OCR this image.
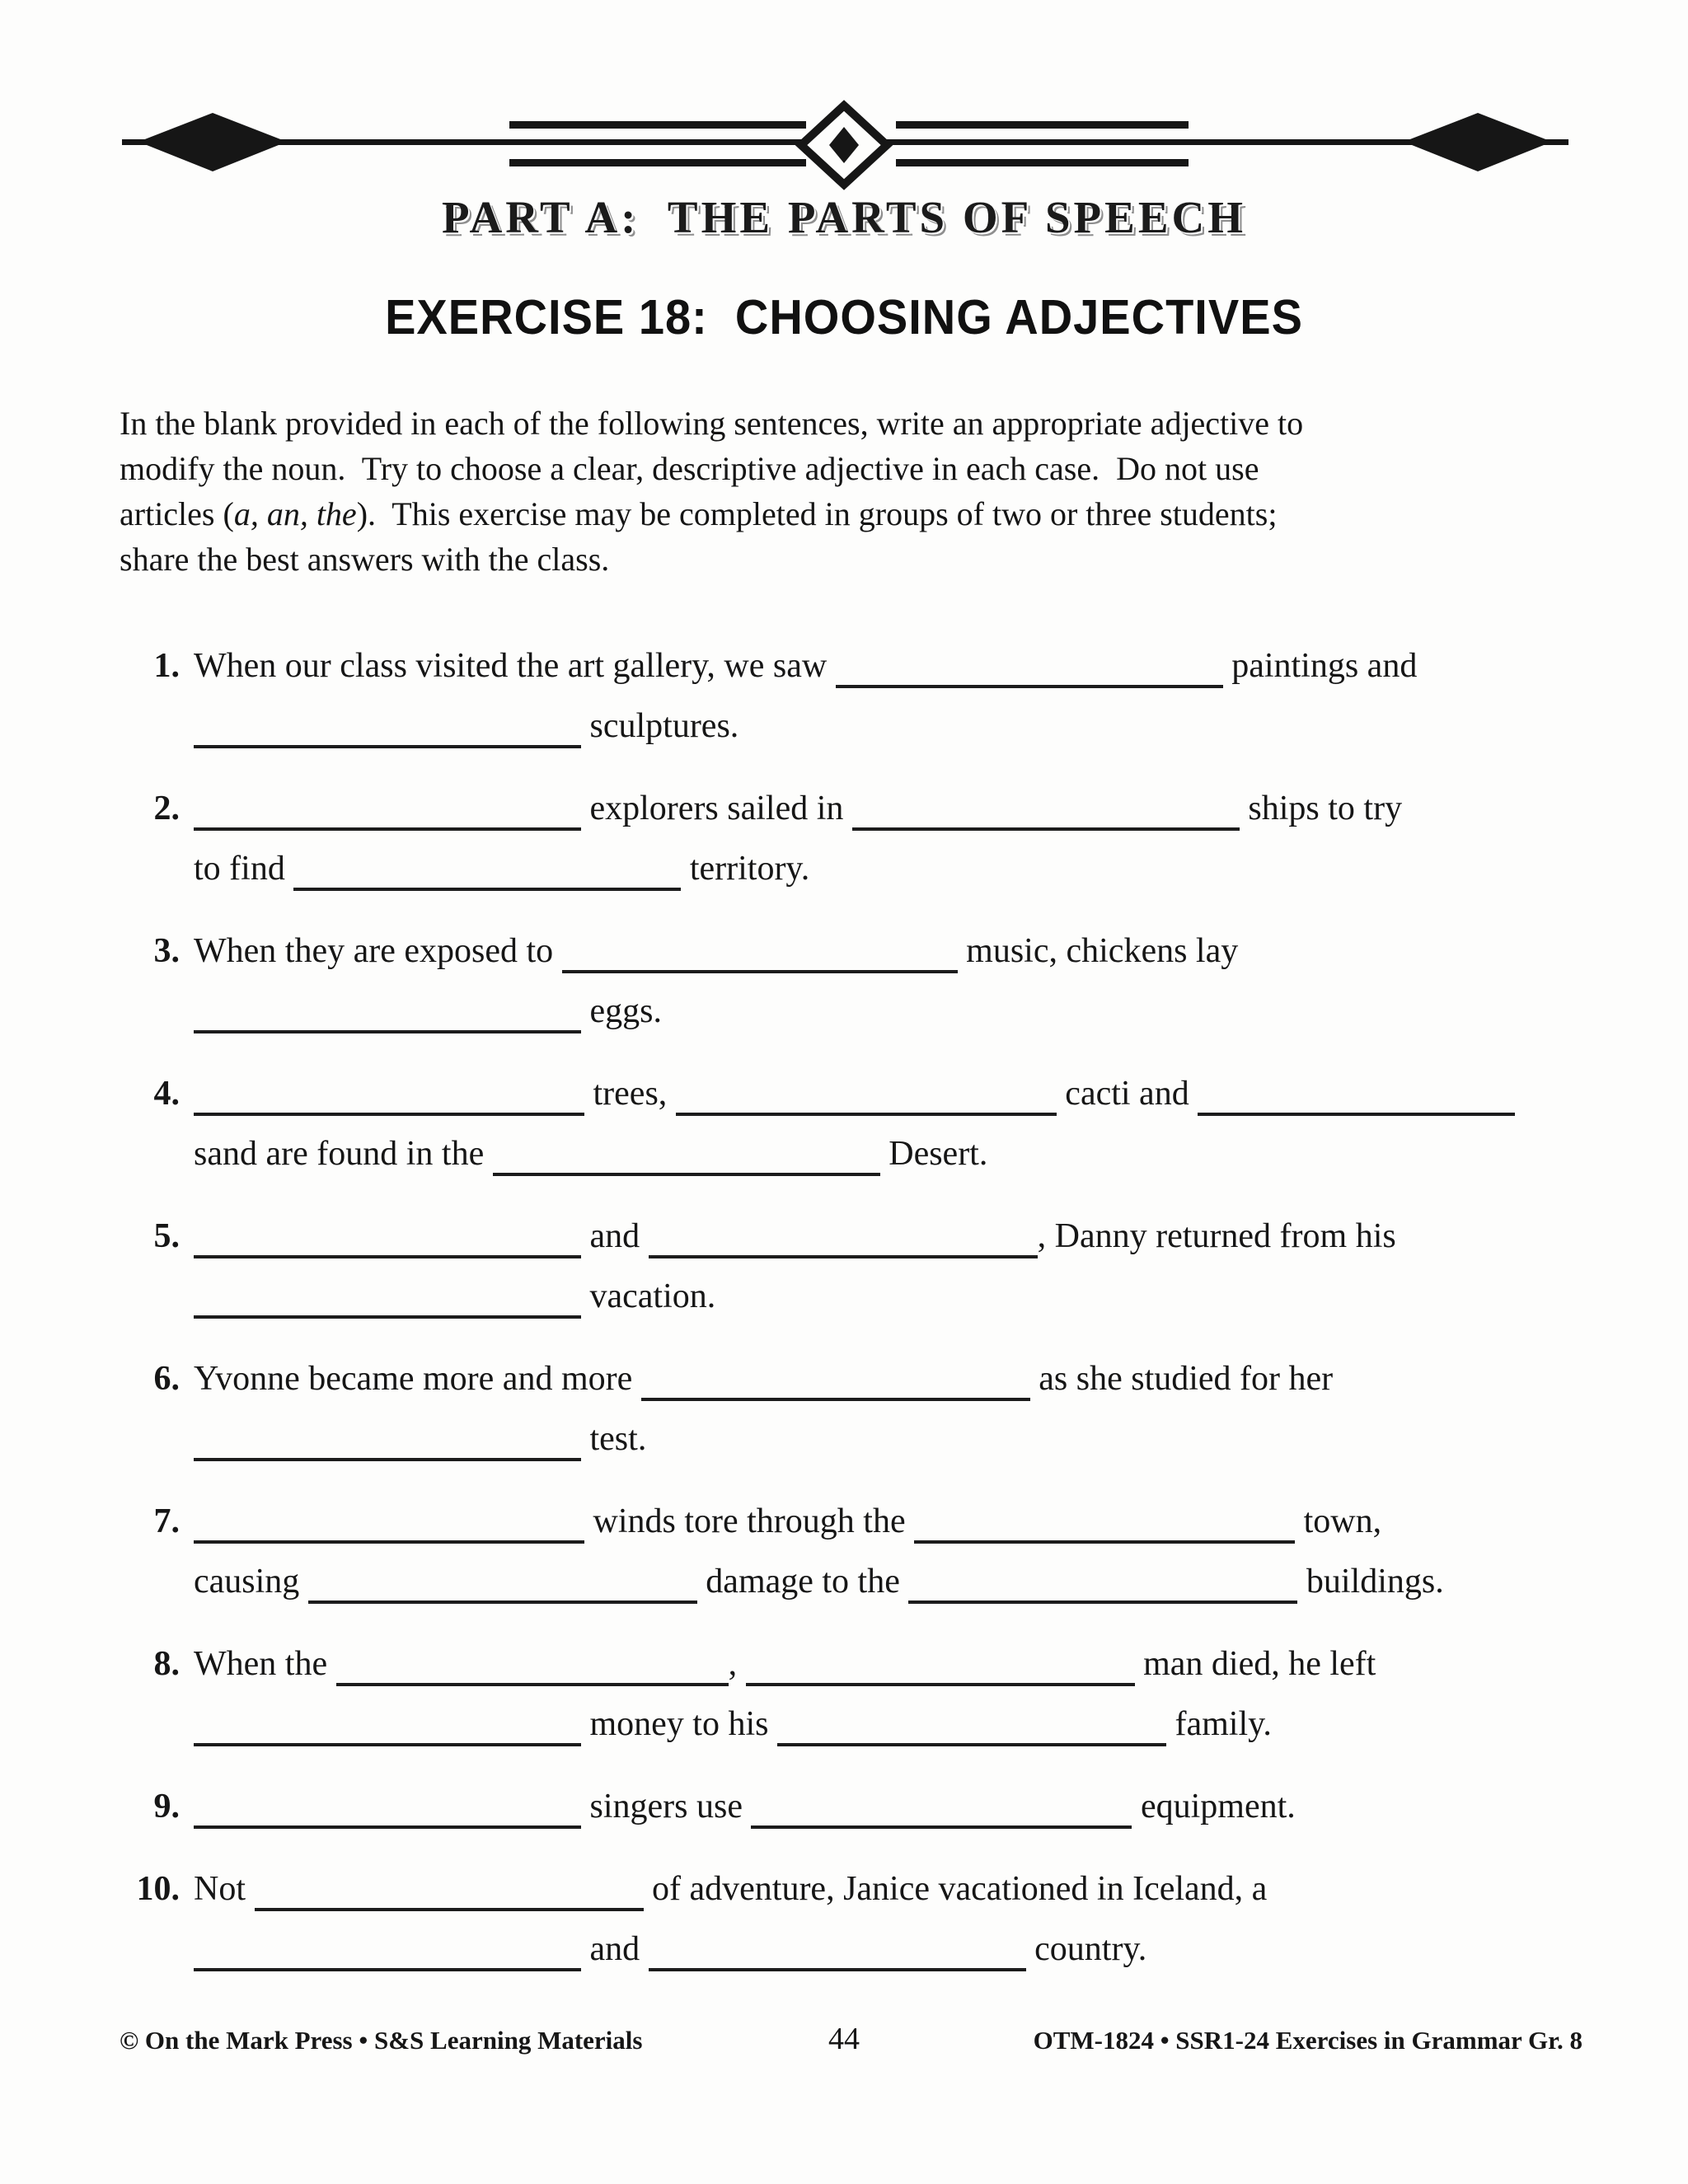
PART A:  THE PARTS OF SPEECH
EXERCISE 18:  CHOOSING ADJECTIVES
In the blank provided in each of the following sentences, write an appropriate adjective to
modify the noun.  Try to choose a clear, descriptive adjective in each case.  Do not use
articles (a, an, the).  This exercise may be completed in groups of two or three students;
share the best answers with the class.
1. When our class visited the art gallery, we saw	paintings and
sculptures.
2.	explorers sailed in	ships to try
to find	territory.
3. When they are exposed to	music, chickens lay
eggs.
4.	trees,	cacti and
sand are found in the	Desert.
5.	and	, Danny returned from his
vacation.
6. Yvonne became more and more	as she studied for her
test.
7.	winds tore through the	town,
causing	damage to the	buildings.
8. When the	,	man died, he left
money to his	family.
9.	singers use	equipment.
10. Not	of adventure, Janice vacationed in Iceland, a
and	country.
© On the Mark Press • S&S Learning Materials	44	OTM-1824 • SSR1-24 Exercises in Grammar Gr. 8
